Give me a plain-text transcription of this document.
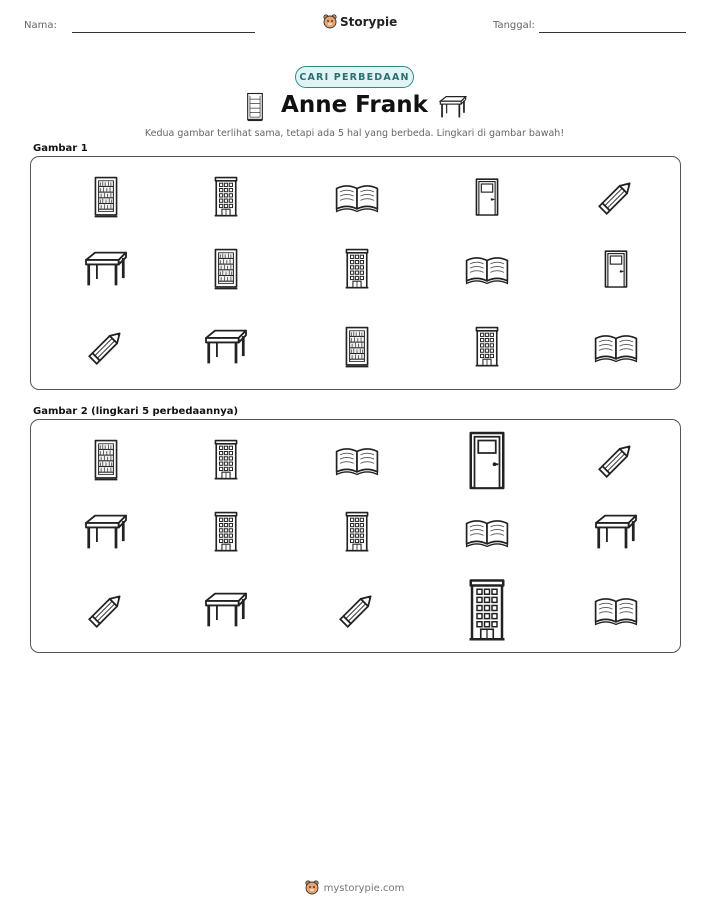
Nama:	Storypie	Tanggal:
CARI PERBEDAAN
Anne Frank
Kedua gambar terlihat sama, tetapi ada 5 hal yang berbeda. Lingkari di gambar bawah!
Gambar 1
Gambar 2 (lingkari 5 perbedaannya)
mystorypie.com
